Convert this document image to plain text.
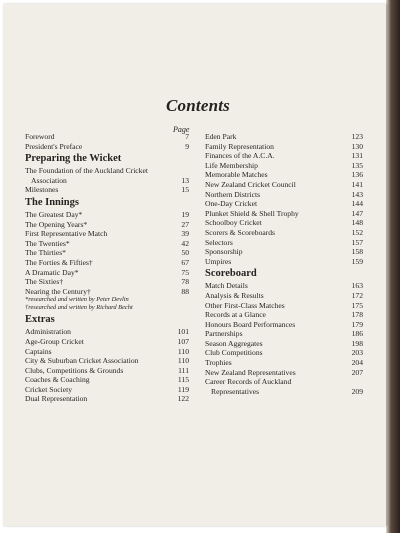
Contents
Page
Foreword	7
President's Preface	9
Preparing the Wicket
The Foundation of the Auckland Cricket
Association	13
Milestones	15
The Innings
The Greatest Day*	19
The Opening Years*	27
First Representative Match	39
The Twenties*	42
The Thirties*	50
The Forties & Fifties†	67
A Dramatic Day*	75
The Sixties†	78
Nearing the Century†	88
*researched and written by Peter Devlin
†researched and written by Richard Becht
Extras
Administration	101
Age-Group Cricket	107
Captains	110
City & Suburban Cricket Association	110
Clubs, Competitions & Grounds	111
Coaches & Coaching	115
Cricket Society	119
Dual Representation	122
Eden Park	123
Family Representation	130
Finances of the A.C.A.	131
Life Membership	135
Memorable Matches	136
New Zealand Cricket Council	141
Northern Districts	143
One-Day Cricket	144
Plunket Shield & Shell Trophy	147
Schoolboy Cricket	148
Scorers & Scoreboards	152
Selectors	157
Sponsorship	158
Umpires	159
Scoreboard
Match Details	163
Analysis & Results	172
Other First-Class Matches	175
Records at a Glance	178
Honours Board Performances	179
Partnerships	186
Season Aggregates	198
Club Competitions	203
Trophies	204
New Zealand Representatives	207
Career Records of Auckland
Representatives	209
